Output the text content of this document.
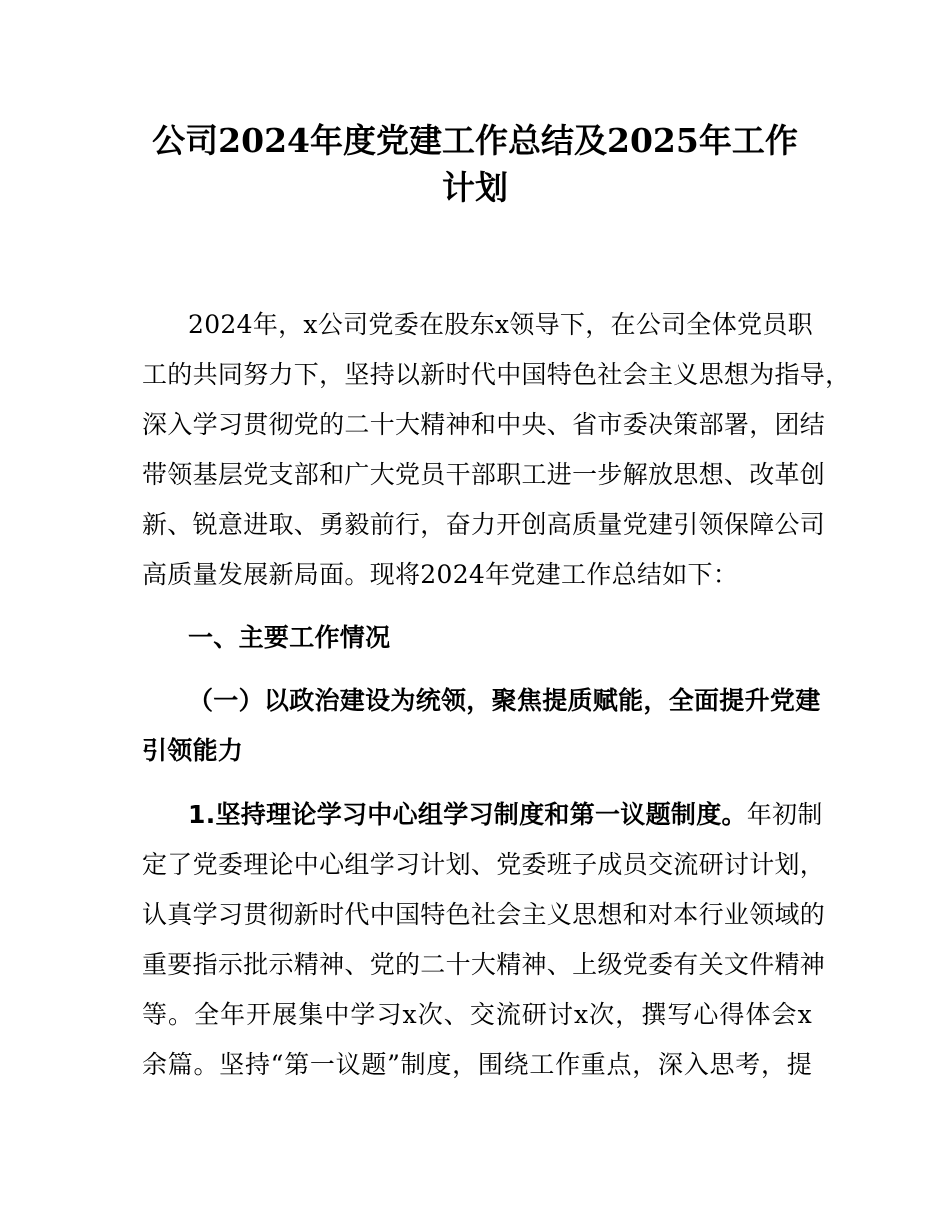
公司2024年度党建工作总结及2025年工作
计划
2024年，x公司党委在股东x领导下，在公司全体党员职
工的共同努力下，坚持以新时代中国特色社会主义思想为指导，
深入学习贯彻党的二十大精神和中央、省市委决策部署，团结
带领基层党支部和广大党员干部职工进一步解放思想、改革创
新、锐意进取、勇毅前行，奋力开创高质量党建引领保障公司
高质量发展新局面。现将2024年党建工作总结如下：
一、主要工作情况
（一）以政治建设为统领，聚焦提质赋能，全面提升党建
引领能力
1.坚持理论学习中心组学习制度和第一议题制度。年初制
定了党委理论中心组学习计划、党委班子成员交流研讨计划，
认真学习贯彻新时代中国特色社会主义思想和对本行业领域的
重要指示批示精神、党的二十大精神、上级党委有关文件精神
等。全年开展集中学习x次、交流研讨x次，撰写心得体会x
余篇。坚持“第一议题”制度，围绕工作重点，深入思考，提
